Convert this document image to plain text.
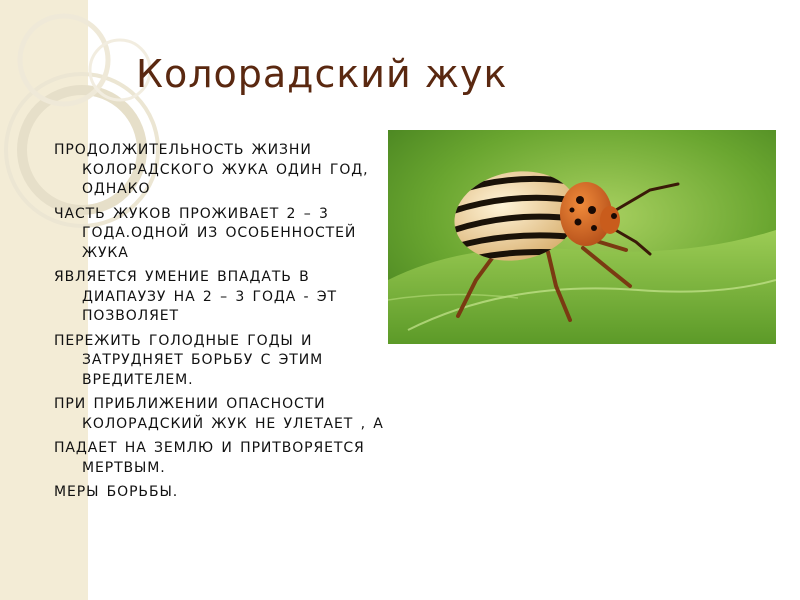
Колорадский жук
ПРОДОЛЖИТЕЛЬНОСТЬ ЖИЗНИ КОЛОРАДСКОГО ЖУКА ОДИН ГОД, ОДНАКО
ЧАСТЬ ЖУКОВ ПРОЖИВАЕТ 2 – 3 ГОДА.ОДНОЙ ИЗ ОСОБЕННОСТЕЙ ЖУКА
ЯВЛЯЕТСЯ УМЕНИЕ ВПАДАТЬ В ДИАПАУЗУ НА 2 – 3 ГОДА - ЭТ ПОЗВОЛЯЕТ
ПЕРЕЖИТЬ ГОЛОДНЫЕ ГОДЫ И ЗАТРУДНЯЕТ БОРЬБУ С ЭТИМ ВРЕДИТЕЛЕМ.
ПРИ ПРИБЛИЖЕНИИ ОПАСНОСТИ КОЛОРАДСКИЙ ЖУК НЕ УЛЕТАЕТ , А
ПАДАЕТ НА ЗЕМЛЮ И ПРИТВОРЯЕТСЯ МЕРТВЫМ.
МЕРЫ БОРЬБЫ.
